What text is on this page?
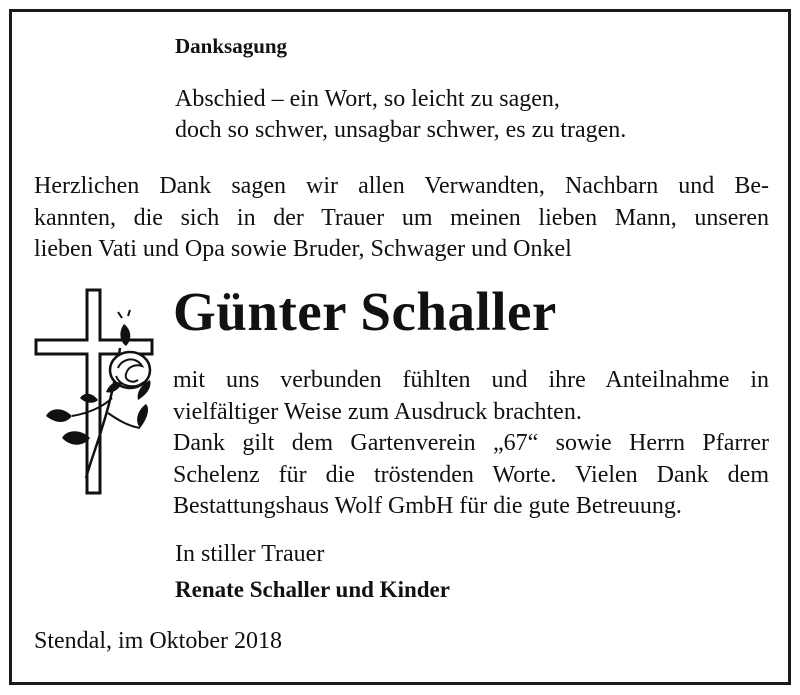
Danksagung

Abschied – ein Wort, so leicht zu sagen,
doch so schwer, unsagbar schwer, es zu tragen.
Herzlichen Dank sagen wir allen Verwandten, Nachbarn und Be-
kannten, die sich in der Trauer um meinen lieben Mann, unseren
lieben Vati und Opa sowie Bruder, Schwager und Onkel

Günter Schaller

mit uns verbunden fühlten und ihre Anteilnahme in
vielfältiger Weise zum Ausdruck brachten.
Dank gilt dem Gartenverein „67“ sowie Herrn Pfarrer
Schelenz für die tröstenden Worte. Vielen Dank dem
Bestattungshaus Wolf GmbH für die gute Betreuung.

In stiller Trauer

Renate Schaller und Kinder

Stendal, im Oktober 2018
